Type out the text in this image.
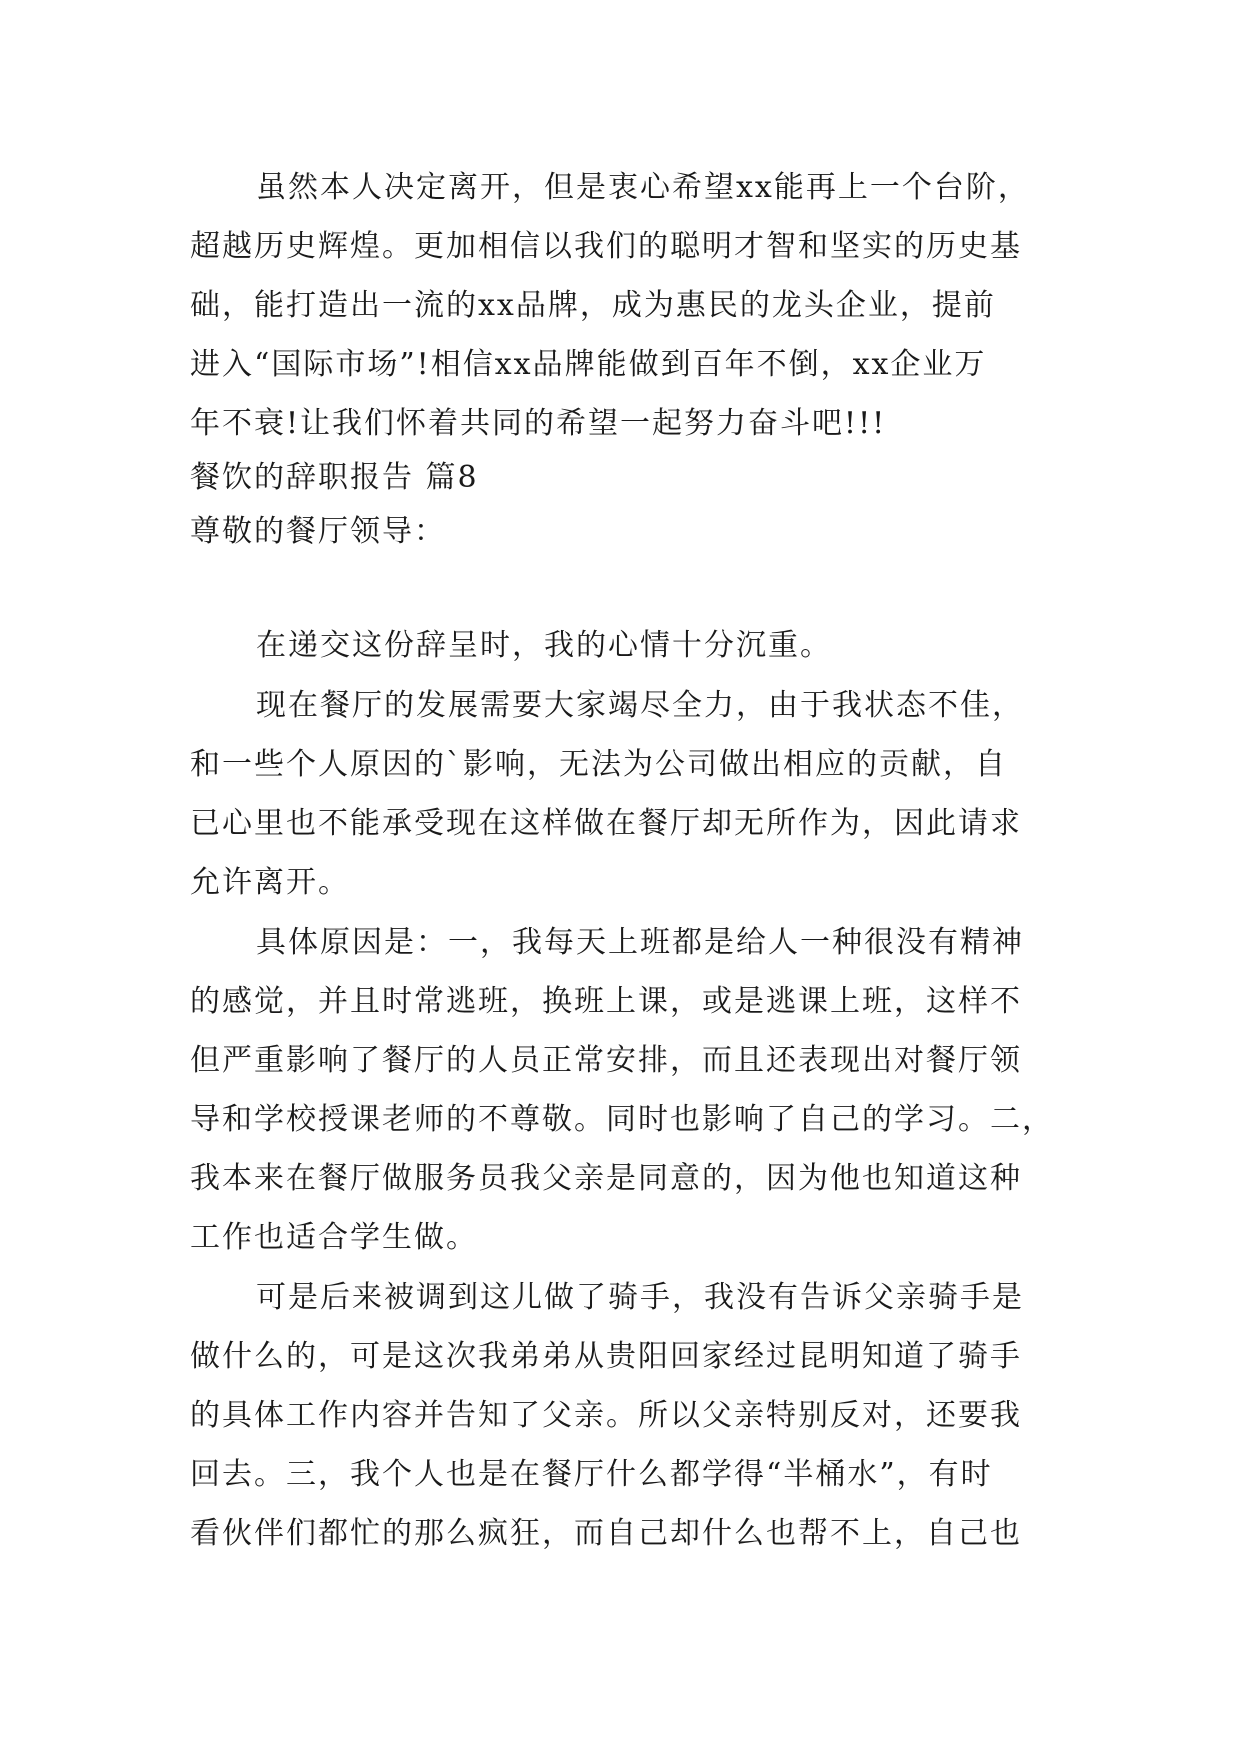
虽然本人决定离开，但是衷心希望xx能再上一个台阶，
超越历史辉煌。更加相信以我们的聪明才智和坚实的历史基
础，能打造出一流的xx品牌，成为惠民的龙头企业，提前
进入“国际市场”!相信xx品牌能做到百年不倒，xx企业万
年不衰!让我们怀着共同的希望一起努力奋斗吧!!!
餐饮的辞职报告 篇8
尊敬的餐厅领导：
在递交这份辞呈时，我的心情十分沉重。
现在餐厅的发展需要大家竭尽全力，由于我状态不佳，
和一些个人原因的`影响，无法为公司做出相应的贡献，自
已心里也不能承受现在这样做在餐厅却无所作为，因此请求
允许离开。
具体原因是：一，我每天上班都是给人一种很没有精神
的感觉，并且时常逃班，换班上课，或是逃课上班，这样不
但严重影响了餐厅的人员正常安排，而且还表现出对餐厅领
导和学校授课老师的不尊敬。同时也影响了自己的学习。二，
我本来在餐厅做服务员我父亲是同意的，因为他也知道这种
工作也适合学生做。
可是后来被调到这儿做了骑手，我没有告诉父亲骑手是
做什么的，可是这次我弟弟从贵阳回家经过昆明知道了骑手
的具体工作内容并告知了父亲。所以父亲特别反对，还要我
回去。三，我个人也是在餐厅什么都学得“半桶水”，有时
看伙伴们都忙的那么疯狂，而自己却什么也帮不上，自己也
